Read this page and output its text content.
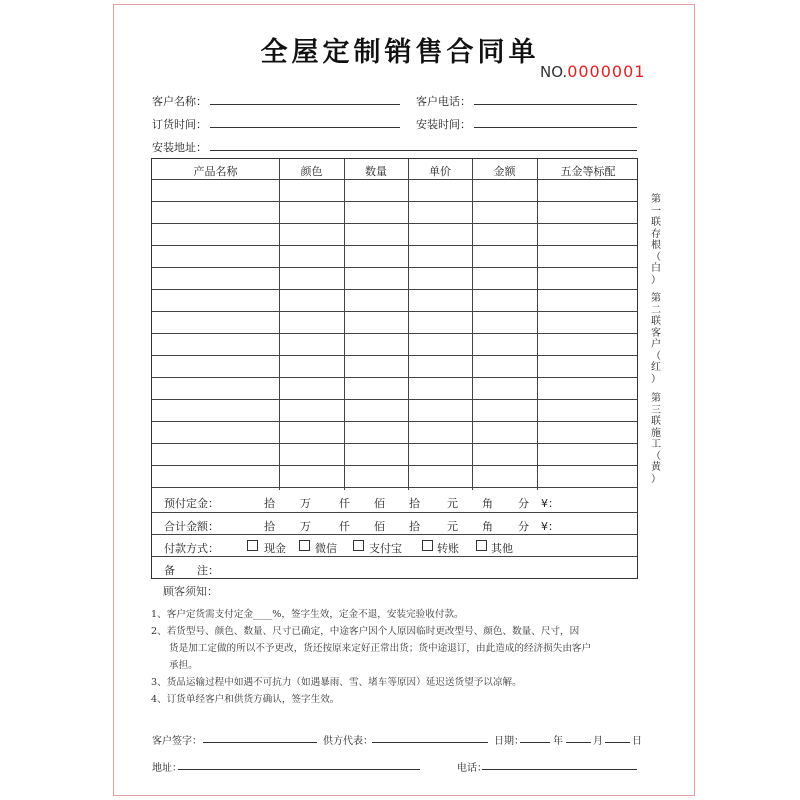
全屋定制销售合同单
NO.0000001
客户名称：	客户电话：
订货时间：	安装时间：
安装地址：
产品名称	颜色	数量	单价	金额	五金等标配
预付定金：	拾 万	仟 佰 拾 元 角 分 ¥：
合计金额：	拾 万	仟 佰 拾 元 角 分 ¥：
付款方式：	现金	微信	支付宝	转账	其他
备　　注：
第
一
联
存
根
（
白
）
第
二
联
客
户
（
红
）
第
三
联
施
工
（
黄
）
顾客须知：
1、客户定货需支付定金____%，签字生效，定金不退，安装完验收付款。
2、若货型号、颜色、数量、尺寸已确定，中途客户因个人原因临时更改型号、颜色、数量、尺寸，因
货是加工定做的所以不予更改，货还按原来定好正常出货；货中途退订，由此造成的经济损失由客户
承担。
3、货品运输过程中如遇不可抗力（如遇暴雨、雪、堵车等原因）延迟送货望予以凉解。
4、订货单经客户和供货方确认，签字生效。
客户签字：	供方代表：	日期：	年	月	日
地址：	电话：
